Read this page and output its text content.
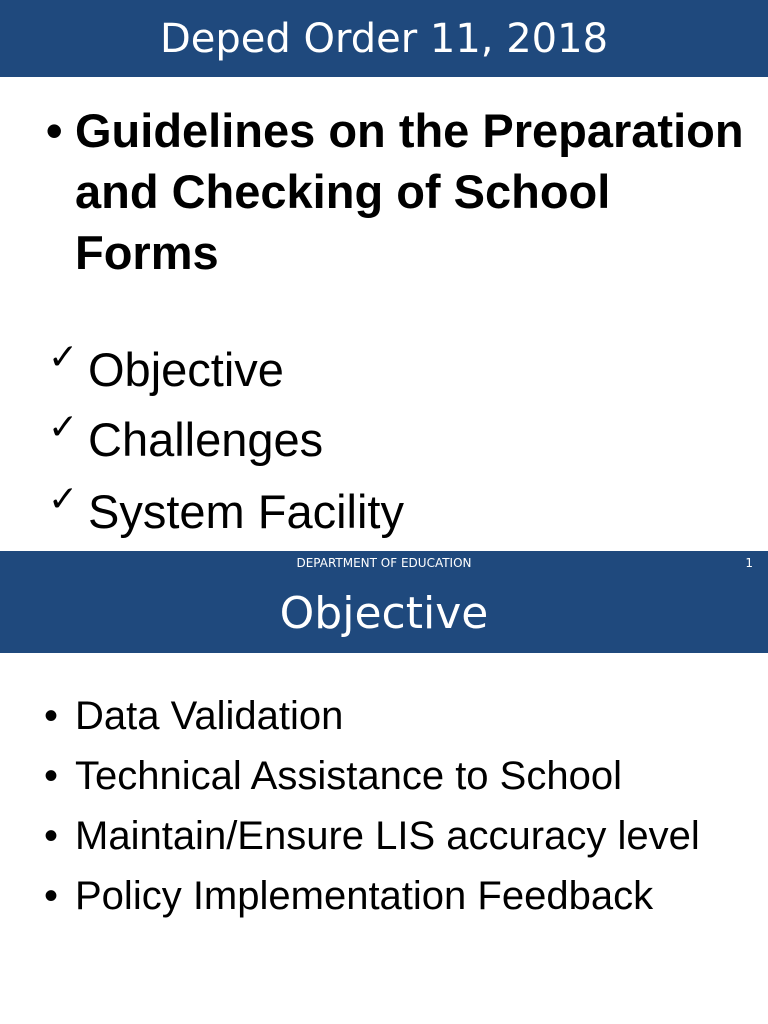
Deped Order 11, 2018
• Guidelines on the Preparation and Checking of School Forms
✓ Objective
✓ Challenges
✓ System Facility
DEPARTMENT OF EDUCATION	1
Objective
• Data Validation
• Technical Assistance to School
• Maintain/Ensure LIS accuracy level
• Policy Implementation Feedback
